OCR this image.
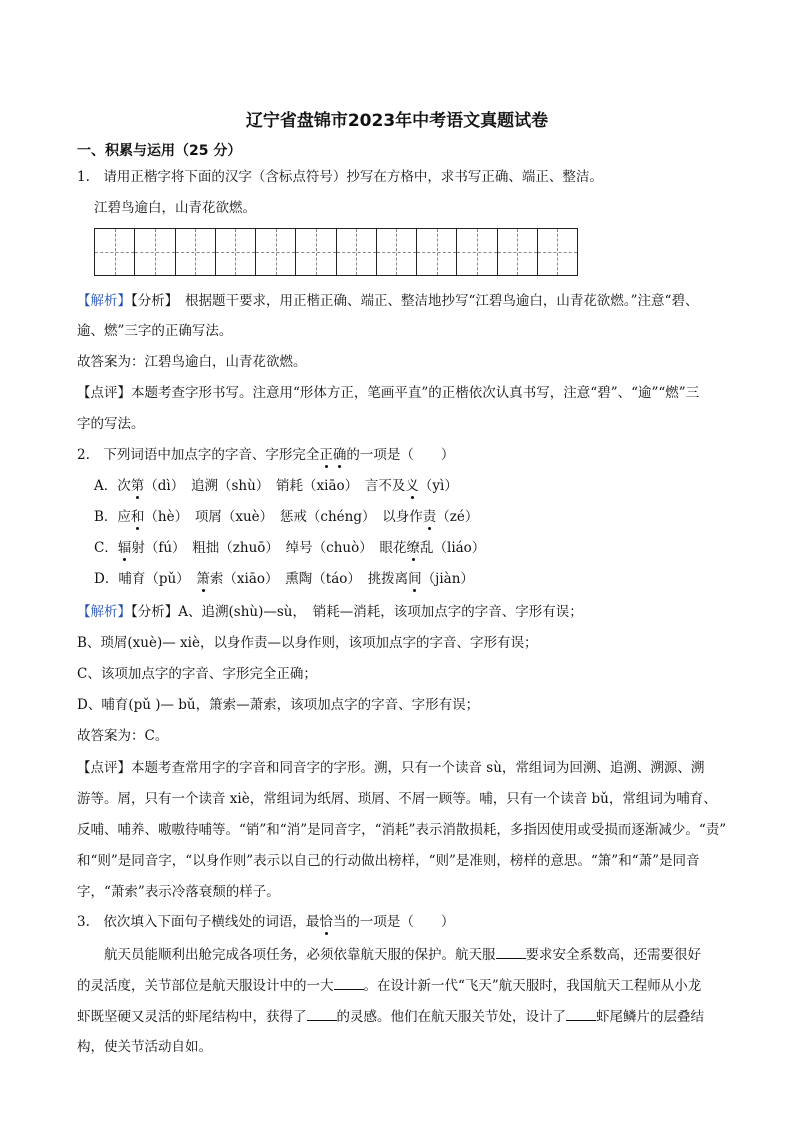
辽宁省盘锦市2023年中考语文真题试卷
一、积累与运用（25 分）
1.　请用正楷字将下面的汉字（含标点符号）抄写在方格中，求书写正确、端正、整洁。
江碧鸟逾白，山青花欲燃。
【解析】【分析】　根据题干要求，用正楷正确、端正、整洁地抄写“江碧鸟逾白，山青花欲燃。”注意“碧、
逾、燃”三字的正确写法。
故答案为：江碧鸟逾白，山青花欲燃。
【点评】本题考查字形书写。注意用“形体方正，笔画平直”的正楷依次认真书写，注意“碧”、“逾”“燃”三
字的写法。
2.　下列词语中加点字的字音、字形完全正确的一项是（　　）
A．次第（dì）　追溯（shù）　销耗（xiāo）　言不及义（yì）
B．应和（hè）　项屑（xuè）　惩戒（chéng）　以身作责（zé）
C．辐射（fú）　粗拙（zhuō）　绰号（chuò）　眼花缭乱（liáo）
D．哺育（pǔ）　箫索（xiāo）　熏陶（táo）　挑拨离间（jiàn）
【解析】【分析】A、追溯(shù)—sù，　销耗—消耗，该项加点字的字音、字形有误；
B、琐屑(xuè)— xiè，以身作责—以身作则，该项加点字的字音、字形有误；
C、该项加点字的字音、字形完全正确；
D、哺育(pǔ )— bǔ，箫索—萧索，该项加点字的字音、字形有误；
故答案为：C。
【点评】本题考查常用字的字音和同音字的字形。溯，只有一个读音 sù，常组词为回溯、追溯、溯源、溯
游等。屑，只有一个读音 xiè，常组词为纸屑、琐屑、不屑一顾等。哺，只有一个读音 bǔ，常组词为哺育、
反哺、哺养、嗷嗷待哺等。“销”和“消”是同音字，“消耗”表示消散损耗，多指因使用或受损而逐渐减少。“责”
和“则”是同音字，“以身作则”表示以自己的行动做出榜样，“则”是准则，榜样的意思。“箫”和“萧”是同音
字，“萧索”表示冷落衰颓的样子。
3.　依次填入下面句子横线处的词语，最恰当的一项是（　　）
　　航天员能顺利出舱完成各项任务，必须依靠航天服的保护。航天服 要求安全系数高，还需要很好
的灵活度，关节部位是航天服设计中的一大 。在设计新一代“飞天”航天服时，我国航天工程师从小龙
虾既坚硬又灵活的虾尾结构中，获得了 的灵感。他们在航天服关节处，设计了 虾尾鳞片的层叠结
构，使关节活动自如。
